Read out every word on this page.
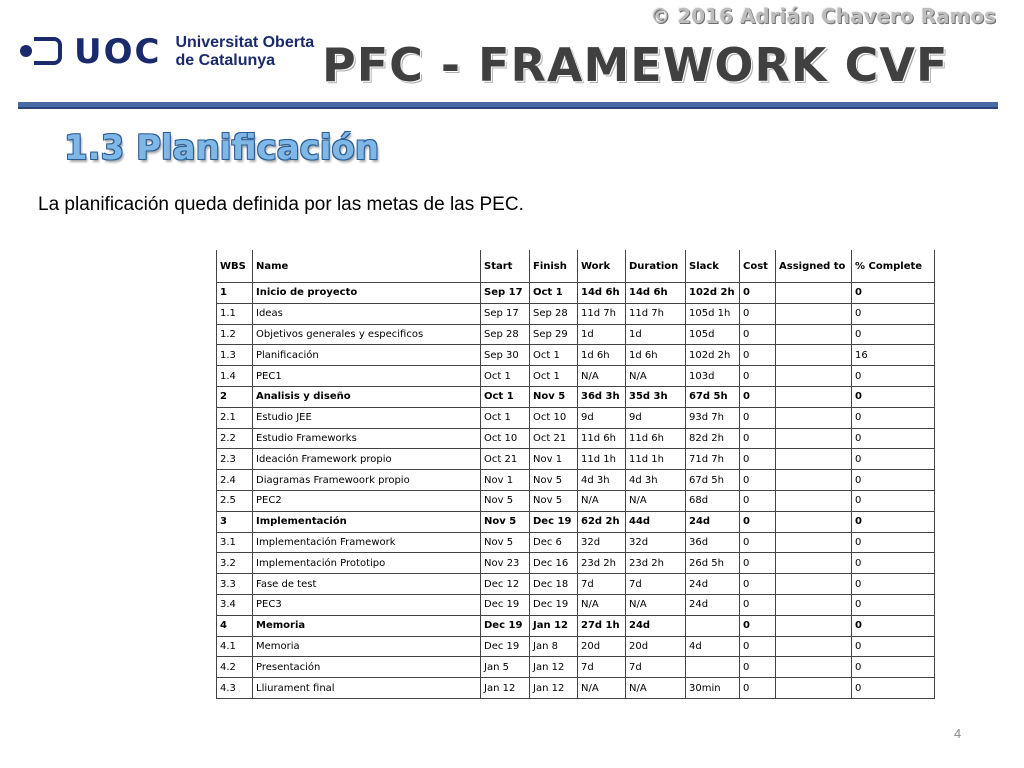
© 2016 Adrián Chavero Ramos
UOC Universitat Oberta
de Catalunya	PFC - FRAMEWORK CVF
1.3 Planificación
La planificación queda definida por las metas de las PEC.
WBS	Name	Start	Finish	Work	Duration	Slack	Cost	Assigned to	% Complete
1	Inicio de proyecto	Sep 17	Oct 1	14d 6h	14d 6h	102d 2h	0		0
1.1	Ideas	Sep 17	Sep 28	11d 7h	11d 7h	105d 1h	0		0
1.2	Objetivos generales y especificos	Sep 28	Sep 29	1d	1d	105d	0		0
1.3	Planificación	Sep 30	Oct 1	1d 6h	1d 6h	102d 2h	0		16
1.4	PEC1	Oct 1	Oct 1	N/A	N/A	103d	0		0
2	Analisis y diseño	Oct 1	Nov 5	36d 3h	35d 3h	67d 5h	0		0
2.1	Estudio JEE	Oct 1	Oct 10	9d	9d	93d 7h	0		0
2.2	Estudio Frameworks	Oct 10	Oct 21	11d 6h	11d 6h	82d 2h	0		0
2.3	Ideación Framework propio	Oct 21	Nov 1	11d 1h	11d 1h	71d 7h	0		0
2.4	Diagramas Framewoork propio	Nov 1	Nov 5	4d 3h	4d 3h	67d 5h	0		0
2.5	PEC2	Nov 5	Nov 5	N/A	N/A	68d	0		0
3	Implementación	Nov 5	Dec 19	62d 2h	44d	24d	0		0
3.1	Implementación Framework	Nov 5	Dec 6	32d	32d	36d	0		0
3.2	Implementación Prototipo	Nov 23	Dec 16	23d 2h	23d 2h	26d 5h	0		0
3.3	Fase de test	Dec 12	Dec 18	7d	7d	24d	0		0
3.4	PEC3	Dec 19	Dec 19	N/A	N/A	24d	0		0
4	Memoria	Dec 19	Jan 12	27d 1h	24d		0		0
4.1	Memoria	Dec 19	Jan 8	20d	20d	4d	0		0
4.2	Presentación	Jan 5	Jan 12	7d	7d		0		0
4.3	Lliurament final	Jan 12	Jan 12	N/A	N/A	30min	0		0
4
